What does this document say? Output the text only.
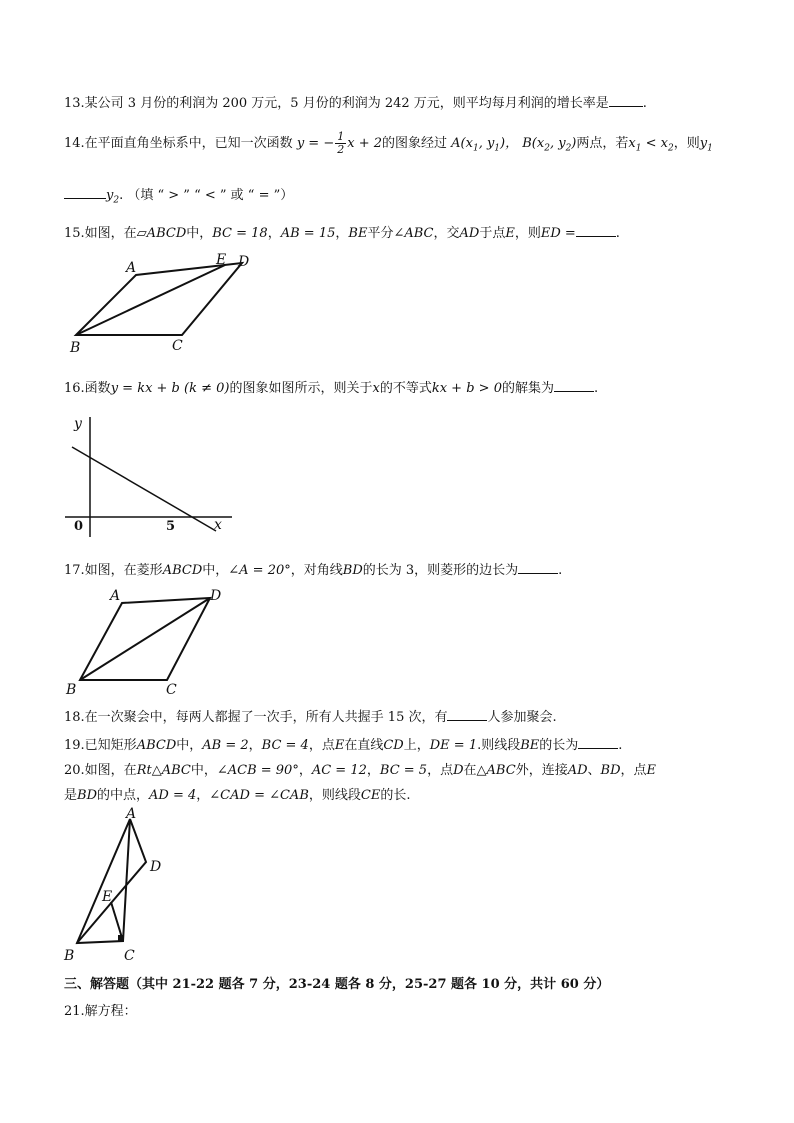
13.某公司 3 月份的利润为 200 万元，5 月份的利润为 242 万元，则平均每月利润的增长率是	.
14.在平面直角坐标系中，已知一次函数 y = − $\frac{1}{2}$ x + 2的图象经过 $A(x_1$, $y_1$)， $B(x_2$, $y_2$)两点，若$x_1 < x_2$，则$y_1$
$y_2$. （填 “ > ” “ < ” 或 “ = ”）
15.如图，在▱ABCD中，BC = 18，AB = 15，BE平分∠ABC，交AD于点E，则ED =	.
A	E D
B	C
16.函数y = kx + b (k ≠ 0)的图象如图所示，则关于x的不等式kx + b > 0的解集为	.
y
x
0	5
17.如图，在菱形ABCD中，∠A = 20°，对角线BD的长为 3，则菱形的边长为	.
A	D
B	C
18.在一次聚会中，每两人都握了一次手，所有人共握手 15 次，有	人参加聚会.
19.已知矩形ABCD中，AB = 2，BC = 4，点E在直线CD上，DE = 1.则线段BE的长为	.
20.如图，在Rt△ABC中，∠ACB = 90°，AC = 12，BC = 5，点D在△ABC外，连接AD、BD，点E
是BD的中点，AD = 4，∠CAD = ∠CAB，则线段CE的长.
A
D
E
B	C
三、解答题（其中 21-22 题各 7 分，23-24 题各 8 分，25-27 题各 10 分，共计 60 分）
21.解方程：
